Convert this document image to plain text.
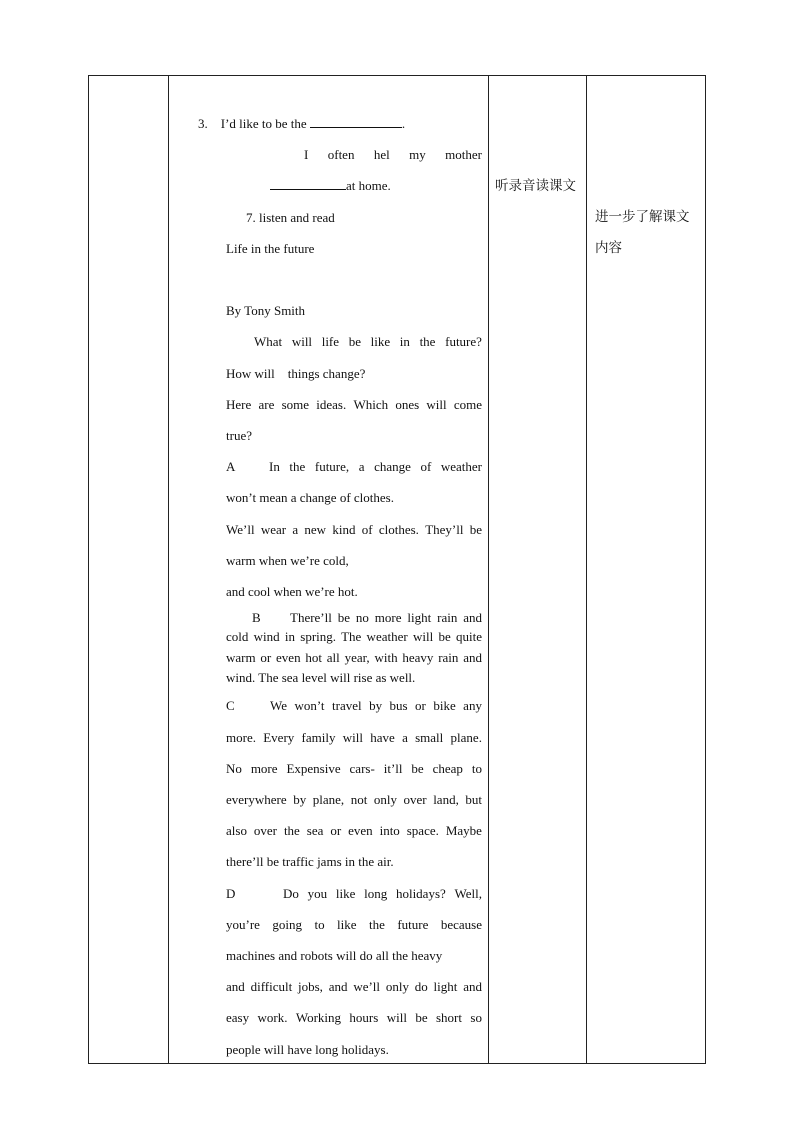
3. I’d like to be the	.
I often hel my mother
at home.
7. listen and read
Life in the future
By Tony Smith
What will life be like in the future?
How will things change?
Here are some ideas. Which ones will come
true?
A	In the future, a change of weather
won’t mean a change of clothes.
We’ll wear a new kind of clothes. They’ll be
warm when we’re cold,
and cool when we’re hot.
B There’ll be no more light rain and
cold wind in spring. The weather will be quite warm or even hot all year, with heavy rain and wind. The sea level will rise as well.
C	We won’t travel by bus or bike any
more. Every family will have a small plane.
No more Expensive cars- it’ll be cheap to
everywhere by plane, not only over land, but
also over the sea or even into space. Maybe
there’ll be traffic jams in the air.
D	Do you like long holidays? Well,
you’re going to like the future because
machines and robots will do all the heavy
and difficult jobs, and we’ll only do light and
easy work. Working hours will be short so
people will have long holidays.
听录音读课文
进一步了解课文
内容
